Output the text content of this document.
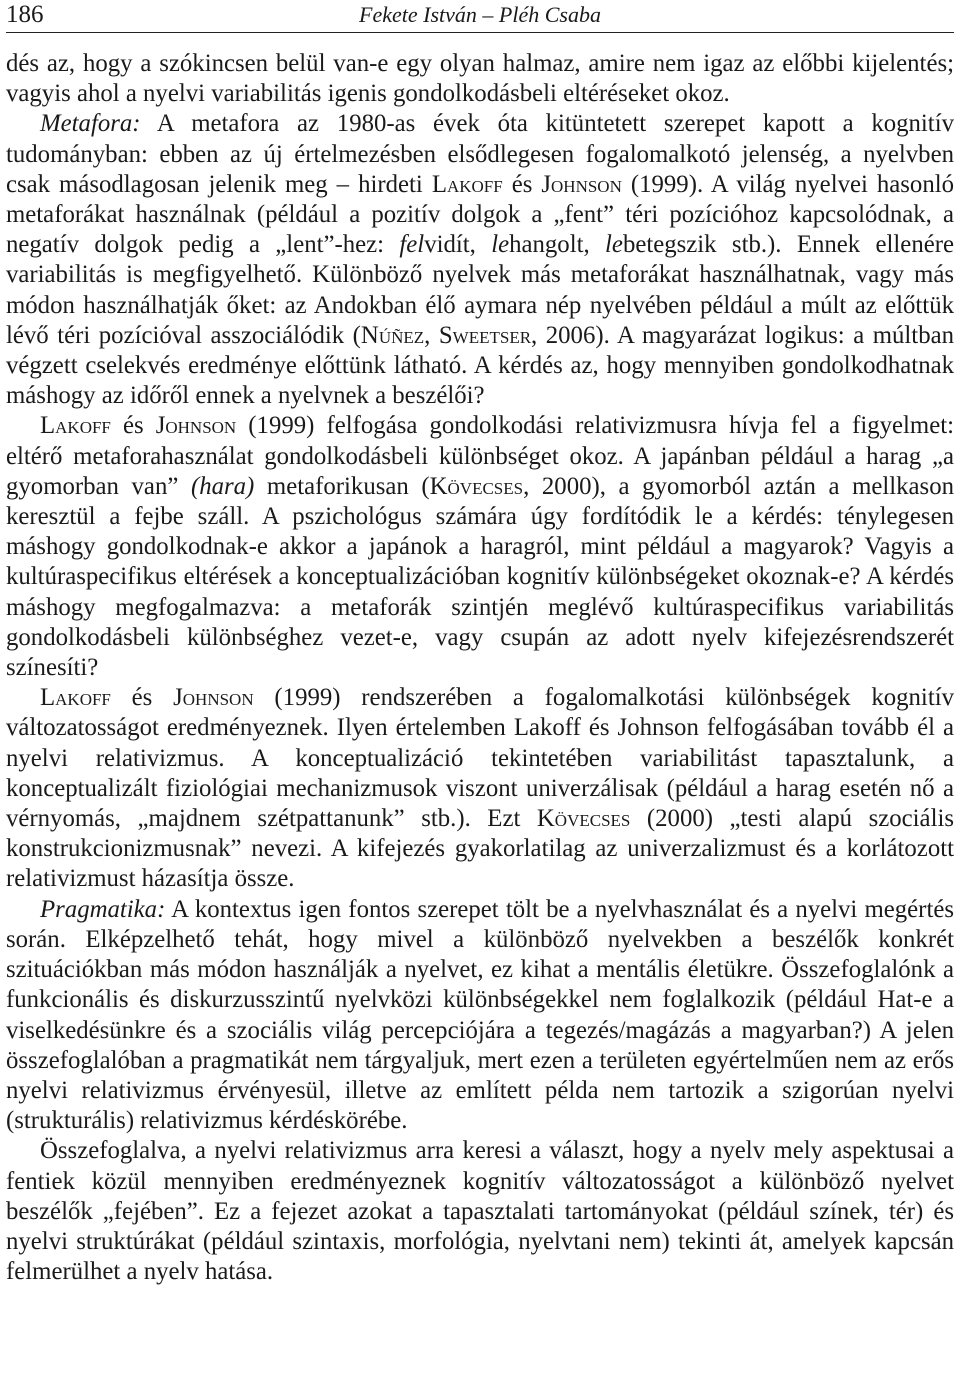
186	Fekete István – Pléh Csaba

dés az, hogy a szókincsen belül van-e egy olyan halmaz, amire nem igaz az előbbi kijelentés; vagyis ahol a nyelvi variabilitás igenis gondolkodásbeli eltéréseket okoz.

Metafora: A metafora az 1980-as évek óta kitüntetett szerepet kapott a kognitív tudományban: ebben az új értelmezésben elsődlegesen fogalomalkotó jelenség, a nyelvben csak másodlagosan jelenik meg – hirdeti Lakoff és Johnson (1999). A világ nyelvei hasonló metaforákat használnak (például a pozitív dolgok a „fent” téri pozícióhoz kapcsolódnak, a negatív dolgok pedig a „lent”-hez: felvidít, lehangolt, lebetegszik stb.). Ennek ellenére variabilitás is megfigyelhető. Különböző nyelvek más metaforákat használhatnak, vagy más módon használhatják őket: az Andokban élő aymara nép nyelvében például a múlt az előttük lévő téri pozícióval asszociálódik (Núñez, Sweetser, 2006). A magyarázat logikus: a múltban végzett cselekvés eredménye előttünk látható. A kérdés az, hogy mennyiben gondolkodhatnak máshogy az időről ennek a nyelvnek a beszélői?

Lakoff és Johnson (1999) felfogása gondolkodási relativizmusra hívja fel a figyelmet: eltérő metaforahasználat gondolkodásbeli különbséget okoz. A japánban például a harag „a gyomorban van” (hara) metaforikusan (Kövecses, 2000), a gyomorból aztán a mellkason keresztül a fejbe száll. A pszichológus számára úgy fordítódik le a kérdés: ténylegesen máshogy gondolkodnak-e akkor a japánok a haragról, mint például a magyarok? Vagyis a kultúraspecifikus eltérések a konceptualizációban kognitív különbségeket okoznak-e? A kérdés máshogy megfogalmazva: a metaforák szintjén meglévő kultúraspecifikus variabilitás gondolkodásbeli különbséghez vezet-e, vagy csupán az adott nyelv kifejezésrendszerét színesíti?

Lakoff és Johnson (1999) rendszerében a fogalomalkotási különbségek kognitív változatosságot eredményeznek. Ilyen értelemben Lakoff és Johnson felfogásában tovább él a nyelvi relativizmus. A konceptualizáció tekintetében variabilitást tapasztalunk, a konceptualizált fiziológiai mechanizmusok viszont univerzálisak (például a harag esetén nő a vérnyomás, „majdnem szétpattanunk” stb.). Ezt Kövecses (2000) „testi alapú szociális konstrukcionizmusnak” nevezi. A kifejezés gyakorlatilag az univerzalizmust és a korlátozott relativizmust házasítja össze.

Pragmatika: A kontextus igen fontos szerepet tölt be a nyelvhasználat és a nyelvi megértés során. Elképzelhető tehát, hogy mivel a különböző nyelvekben a beszélők konkrét szituációkban más módon használják a nyelvet, ez kihat a mentális életükre. Összefoglalónk a funkcionális és diskurzusszintű nyelvközi különbségekkel nem foglalkozik (például Hat-e a viselkedésünkre és a szociális világ percepciójára a tegezés/magázás a magyarban?) A jelen összefoglalóban a pragmatikát nem tárgyaljuk, mert ezen a területen egyértelműen nem az erős nyelvi relativizmus érvényesül, illetve az említett példa nem tartozik a szigorúan nyelvi (strukturális) relativizmus kérdéskörébe.

Összefoglalva, a nyelvi relativizmus arra keresi a választ, hogy a nyelv mely aspektusai a fentiek közül mennyiben eredményeznek kognitív változatosságot a különböző nyelvet beszélők „fejében”. Ez a fejezet azokat a tapasztalati tartományokat (például színek, tér) és nyelvi struktúrákat (például szintaxis, morfológia, nyelvtani nem) tekinti át, amelyek kapcsán felmerülhet a nyelv hatása.
